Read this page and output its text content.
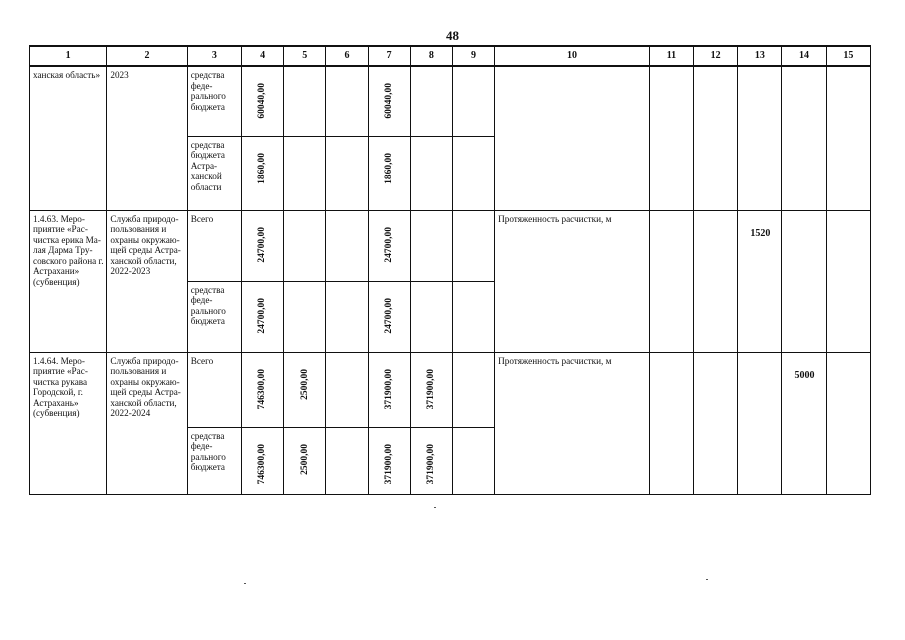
48
1	2	3	4	5	6	7	8	9	10	11	12	13	14	15
ханская область»	2023	средства феде-рального бюджета	60040,00			60040,00								
		средства бюджета Астра-ханской области	1860,00			1860,00								
1.4.63. Меро-приятие «Рас-чистка ерика Ма-лая Дарма Тру-совского района г. Астрахани» (субвенция)	Служба природо-пользования и охраны окружаю-щей среды Астра-ханской области, 2022-2023	Всего	24700,00			24700,00			Протяженность расчистки, м			1520		
		средства феде-рального бюджета	24700,00			24700,00								
1.4.64. Меро-приятие «Рас-чистка рукава Городской, г. Астрахань» (субвенция)	Служба природо-пользования и охраны окружаю-щей среды Астра-ханской области, 2022-2024	Всего	746300,00	2500,00		371900,00	371900,00		Протяженность расчистки, м				5000	
		средства феде-рального бюджета	746300,00	2500,00		371900,00	371900,00							
